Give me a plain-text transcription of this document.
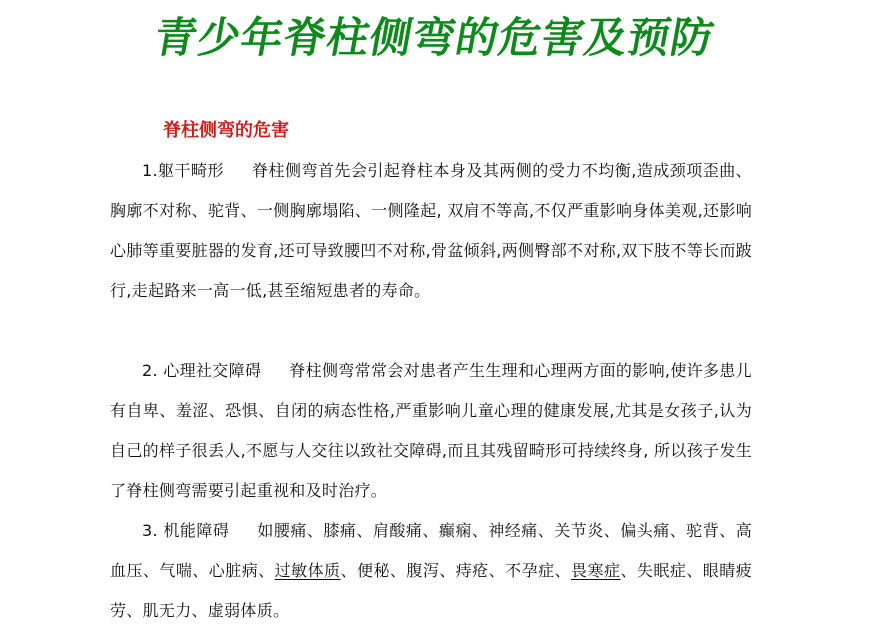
青少年脊柱侧弯的危害及预防
脊柱侧弯的危害

1.躯干畸形 脊柱侧弯首先会引起脊柱本身及其两侧的受力不均衡,造成颈项歪曲、胸廓不对称、驼背、一侧胸廓塌陷、一侧隆起, 双肩不等高,不仅严重影响身体美观,还影响心肺等重要脏器的发育,还可导致腰凹不对称,骨盆倾斜,两侧臀部不对称,双下肢不等长而跛行,走起路来一高一低,甚至缩短患者的寿命。

2. 心理社交障碍 脊柱侧弯常常会对患者产生生理和心理两方面的影响,使许多患儿有自卑、羞涩、恐惧、自闭的病态性格,严重影响儿童心理的健康发展,尤其是女孩子,认为自己的样子很丢人,不愿与人交往以致社交障碍,而且其残留畸形可持续终身, 所以孩子发生了脊柱侧弯需要引起重视和及时治疗。

3. 机能障碍 如腰痛、膝痛、肩酸痛、癫痫、神经痛、关节炎、偏头痛、驼背、高血压、气喘、心脏病、过敏体质、便秘、腹泻、痔疮、不孕症、畏寒症、失眠症、眼睛疲劳、肌无力、虚弱体质。
